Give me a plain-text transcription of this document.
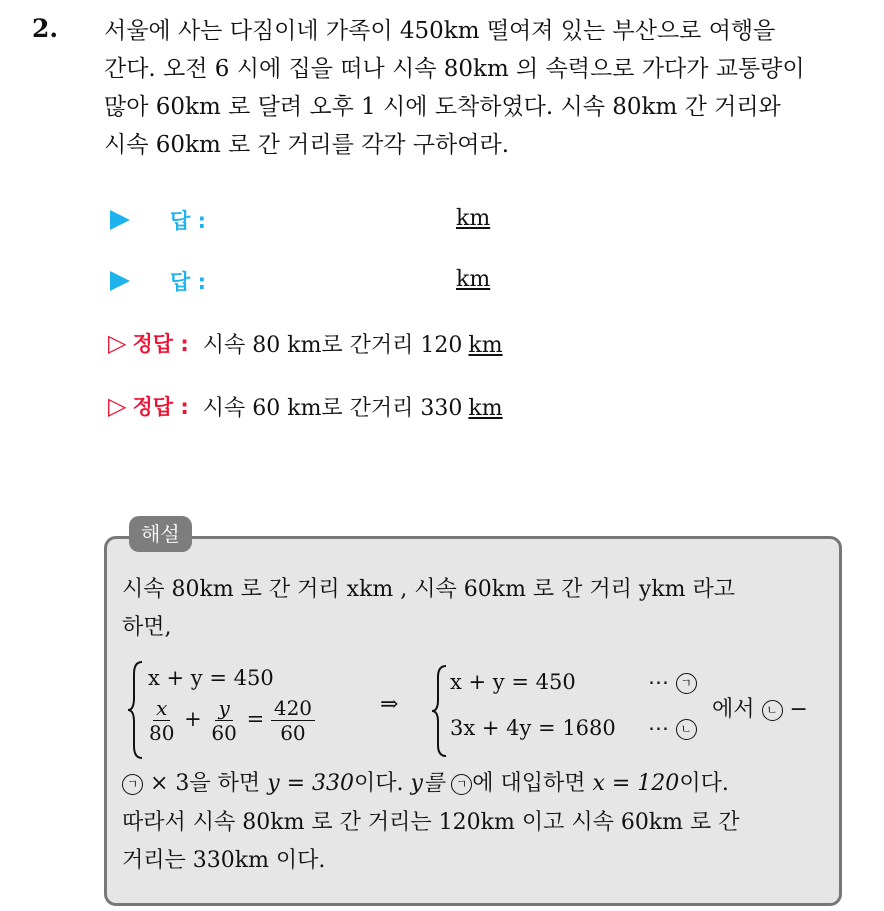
2. 서울에 사는 다짐이네 가족이 450km 떨여져 있는 부산으로 여행을
간다. 오전 6 시에 집을 떠나 시속 80km 의 속력으로 가다가 교통량이
많아 60km 로 달려 오후 1 시에 도착하였다. 시속 80km 간 거리와
시속 60km 로 간 거리를 각각 구하여라.
답 :	km
답 :	km
▷ 정답 : 시속 80 km로 간거리 120 km
▷ 정답 : 시속 60 km로 간거리 330 km
해설
시속 80km 로 간 거리 xkm , 시속 60km 로 간 거리 ykm 라고
하면,
x + y = 450
$\frac{x}{80} + \frac{y}{60} = \frac{420}{60}$	⇒
x + y = 450
3x + 4y = 1680
⋯ ㄱ
⋯ ㄴ
에서 ㄴ −
ㄱ × 3을 하면 y = 330이다. y를 ㄱ 에 대입하면 x = 120이다.
따라서 시속 80km 로 간 거리는 120km 이고 시속 60km 로 간
거리는 330km 이다.
